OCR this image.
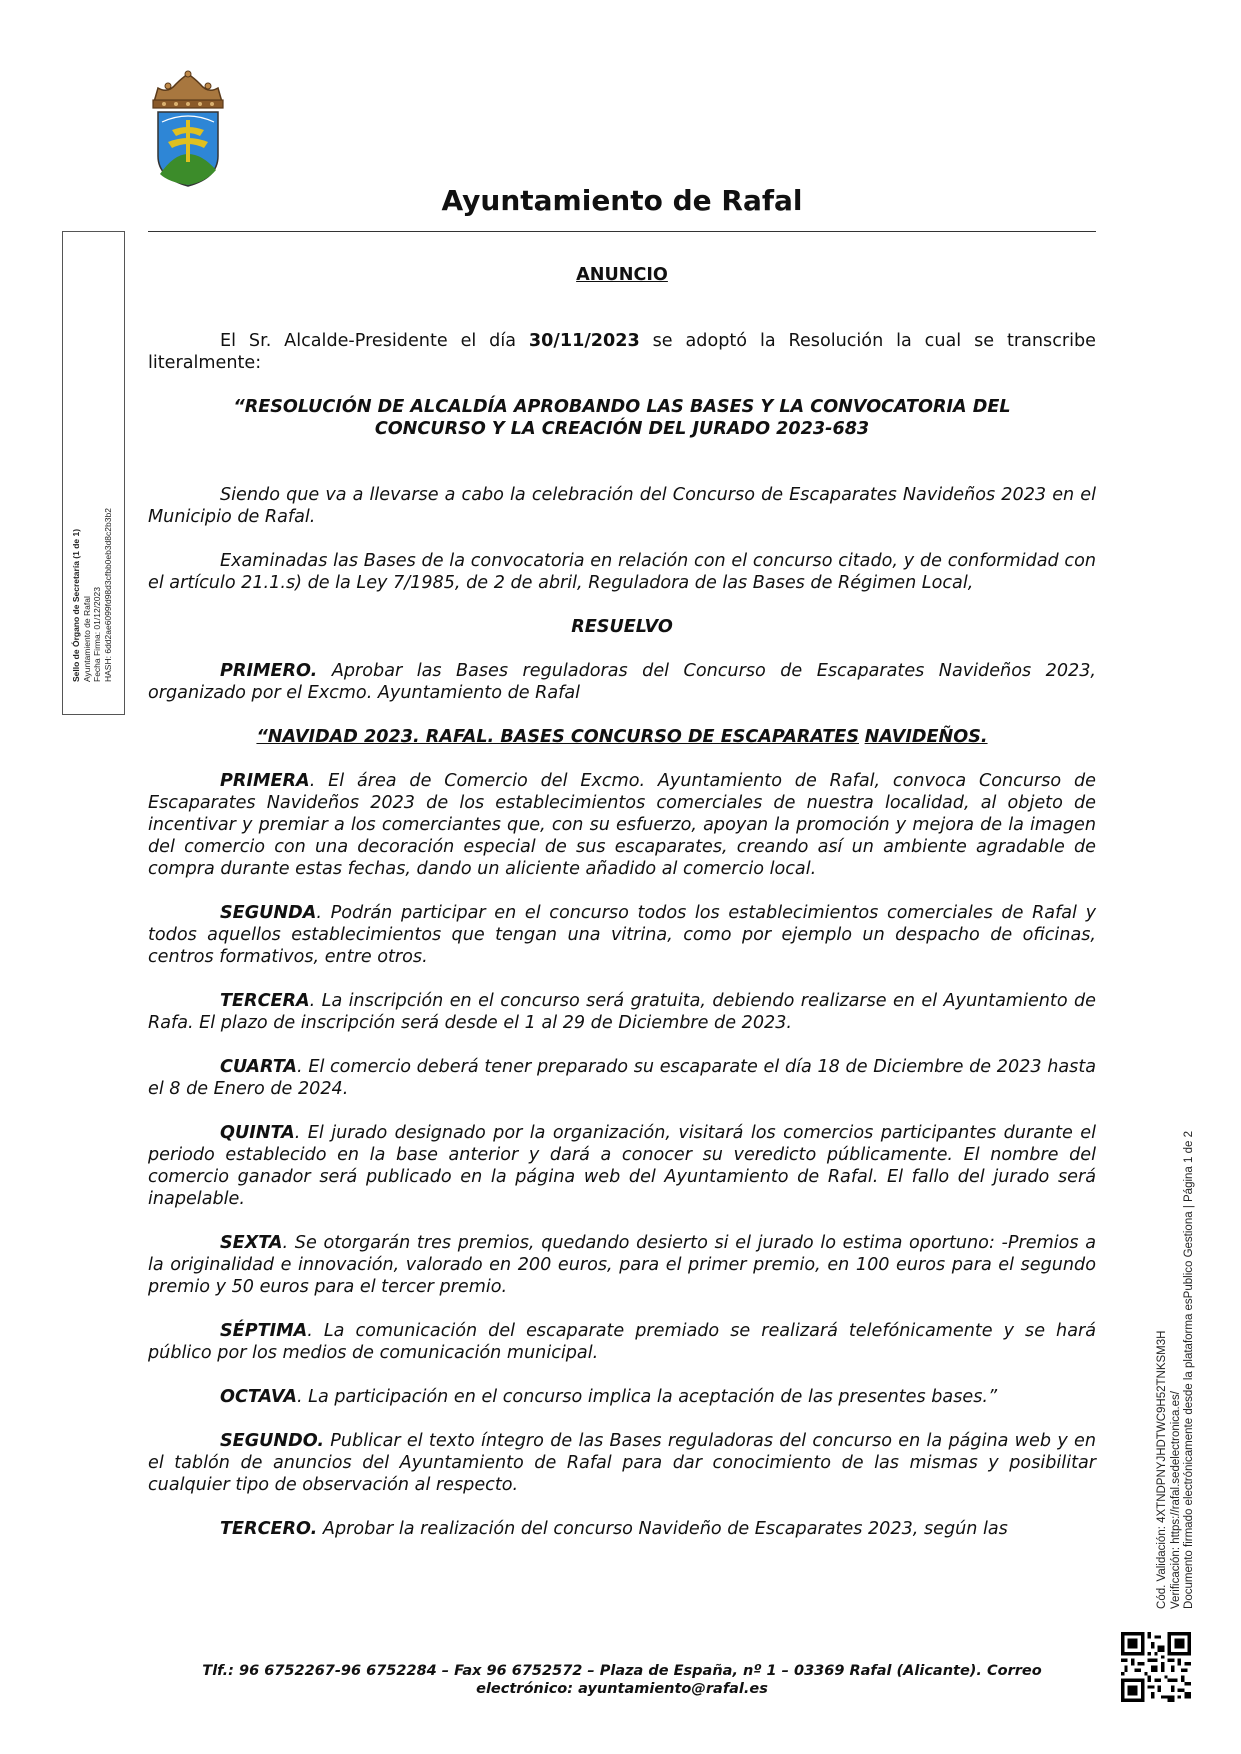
Ayuntamiento de Rafal
Sello de Órgano de Secretaría (1 de 1) Ayuntamiento de Rafal Fecha Firma: 01/12/2023 HASH: 6dd2ae6099fd98d3cfbb0eb3d8c2b3b2

ANUNCIO

El Sr. Alcalde-Presidente el día 30/11/2023 se adoptó la Resolución la cual se transcribe literalmente:

“RESOLUCIÓN DE ALCALDÍA APROBANDO LAS BASES Y LA CONVOCATORIA DEL
CONCURSO Y LA CREACIÓN DEL JURADO 2023-683

Siendo que va a llevarse a cabo la celebración del Concurso de Escaparates Navideños 2023 en el Municipio de Rafal.

Examinadas las Bases de la convocatoria en relación con el concurso citado, y de conformidad con el artículo 21.1.s) de la Ley 7/1985, de 2 de abril, Reguladora de las Bases de Régimen Local,

RESUELVO

PRIMERO. Aprobar las Bases reguladoras del Concurso de Escaparates Navideños 2023, organizado por el Excmo. Ayuntamiento de Rafal

“NAVIDAD 2023. RAFAL. BASES CONCURSO DE ESCAPARATES NAVIDEÑOS.

PRIMERA. El área de Comercio del Excmo. Ayuntamiento de Rafal, convoca Concurso de Escaparates Navideños 2023 de los establecimientos comerciales de nuestra localidad, al objeto de incentivar y premiar a los comerciantes que, con su esfuerzo, apoyan la promoción y mejora de la imagen del comercio con una decoración especial de sus escaparates, creando así un ambiente agradable de compra durante estas fechas, dando un aliciente añadido al comercio local.

SEGUNDA. Podrán participar en el concurso todos los establecimientos comerciales de Rafal y todos aquellos establecimientos que tengan una vitrina, como por ejemplo un despacho de oficinas, centros formativos, entre otros.

TERCERA. La inscripción en el concurso será gratuita, debiendo realizarse en el Ayuntamiento de Rafa. El plazo de inscripción será desde el 1 al 29 de Diciembre de 2023.

CUARTA. El comercio deberá tener preparado su escaparate el día 18 de Diciembre de 2023 hasta el 8 de Enero de 2024.

QUINTA. El jurado designado por la organización, visitará los comercios participantes durante el periodo establecido en la base anterior y dará a conocer su veredicto públicamente. El nombre del comercio ganador será publicado en la página web del Ayuntamiento de Rafal. El fallo del jurado será inapelable.

SEXTA. Se otorgarán tres premios, quedando desierto si el jurado lo estima oportuno: -Premios a la originalidad e innovación, valorado en 200 euros, para el primer premio, en 100 euros para el segundo premio y 50 euros para el tercer premio.

SÉPTIMA. La comunicación del escaparate premiado se realizará telefónicamente y se hará público por los medios de comunicación municipal.

OCTAVA. La participación en el concurso implica la aceptación de las presentes bases.”

SEGUNDO. Publicar el texto íntegro de las Bases reguladoras del concurso en la página web y en el tablón de anuncios del Ayuntamiento de Rafal para dar conocimiento de las mismas y posibilitar cualquier tipo de observación al respecto.

TERCERO. Aprobar la realización del concurso Navideño de Escaparates 2023, según las	Cód. Validación: 4XTNDPNYJHDTWC9H52TNKSM3H Verificación: https://rafal.sedelectronica.es/ Documento firmado electrónicamente desde la plataforma esPublico Gestiona | Página 1 de 2
Tlf.: 96 6752267-96 6752284 – Fax 96 6752572 – Plaza de España, nº 1 – 03369 Rafal (Alicante). Correo
electrónico: ayuntamiento@rafal.es
